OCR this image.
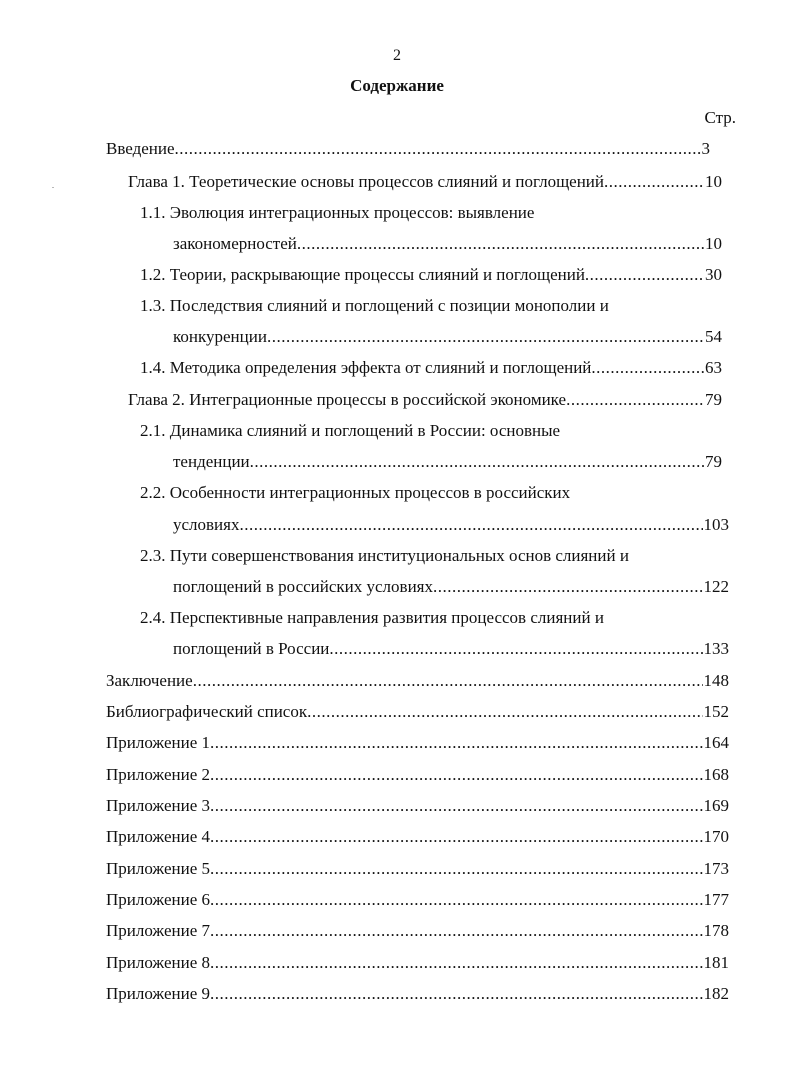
2
Содержание
Стр.
.
Введение .....	3
Глава 1. Теоретические основы процессов слияний и поглощений .....	10
1.1. Эволюция интеграционных процессов: выявление
закономерностей .....	10
1.2. Теории, раскрывающие процессы слияний и поглощений .....	30
1.3. Последствия слияний и поглощений с позиции монополии и
конкуренции .....	54
1.4. Методика определения эффекта от слияний и поглощений .....	63
Глава 2. Интеграционные процессы в российской экономике .....	79
2.1. Динамика слияний и поглощений в России: основные
тенденции .....	79
2.2. Особенности интеграционных процессов в российских
условиях .....	103
2.3. Пути совершенствования институциональных основ слияний и
поглощений в российских условиях .....	122
2.4. Перспективные направления развития процессов слияний и
поглощений в России .....	133
Заключение .....	148
Библиографический список .....	152
Приложение 1 .....	164
Приложение 2 .....	168
Приложение 3 .....	169
Приложение 4 .....	170
Приложение 5 .....	173
Приложение 6 .....	177
Приложение 7 .....	178
Приложение 8 .....	181
Приложение 9 .....	182
